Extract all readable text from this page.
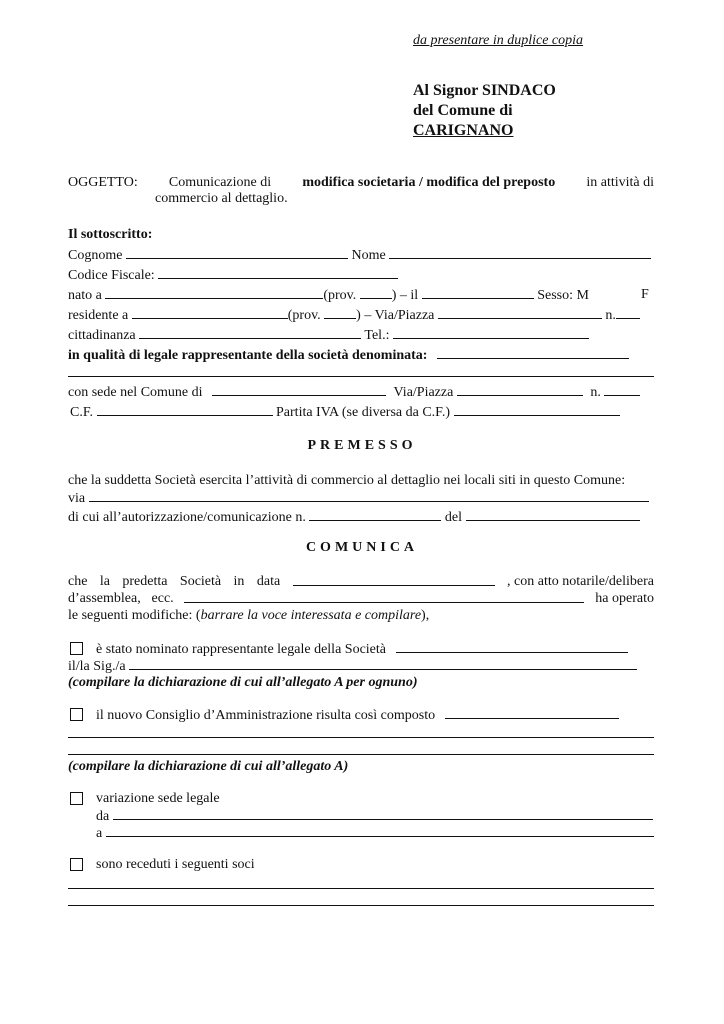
da presentare in duplice copia
Al Signor SINDACO
del Comune di
CARIGNANO
OGGETTO: Comunicazione di modifica societaria / modifica del preposto in attività di
commercio al dettaglio.
Il sottoscritto:
Cognome	Nome
Codice Fiscale:
nato a	(prov.	) – il	Sesso: M	F
residente a	(prov.	) – Via/Piazza	n.
cittadinanza	Tel.:
in qualità di legale rappresentante della società denominata:
con sede nel Comune di	Via/Piazza	n.
C.F.	Partita IVA (se diversa da C.F.)
PREMESSO
che la suddetta Società esercita l’attività di commercio al dettaglio nei locali siti in questo Comune:
via
di cui all’autorizzazione/comunicazione n.	del
COMUNICA
che la predetta Società in data	, con atto notarile/delibera
d’assemblea, ecc.	ha operato
le seguenti modifiche: (barrare la voce interessata e compilare),
è stato nominato rappresentante legale della Società
il/la Sig./a
(compilare la dichiarazione di cui all’allegato A per ognuno)
il nuovo Consiglio d’Amministrazione risulta così composto
(compilare la dichiarazione di cui all’allegato A)
variazione sede legale
da
a
sono receduti i seguenti soci
